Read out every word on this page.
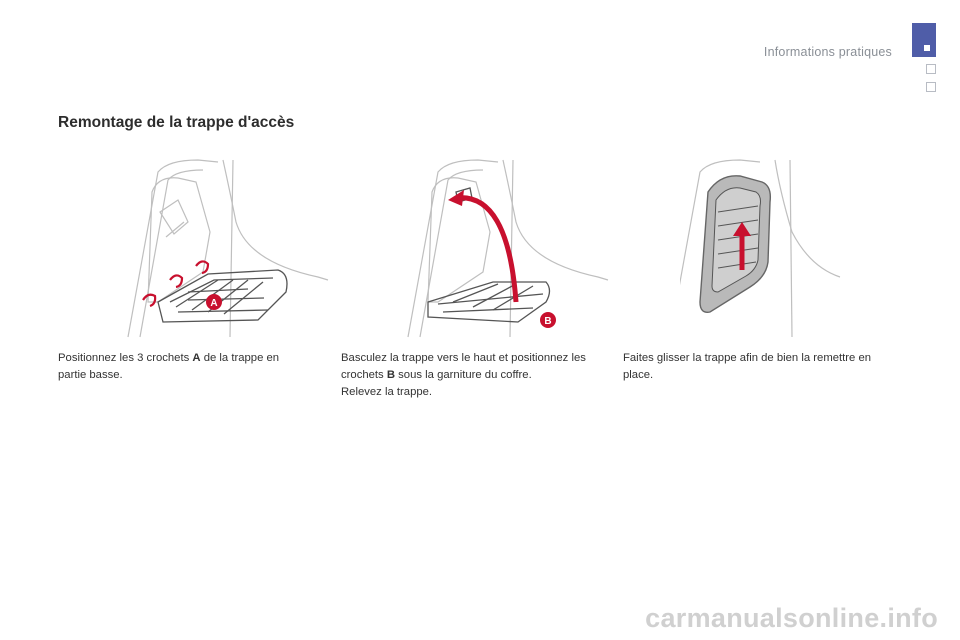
Informations pratiques
Remontage de la trappe d'accès
A
B
Positionnez les 3 crochets A de la trappe en partie basse.
Basculez la trappe vers le haut et positionnez les crochets B sous la garniture du coffre.
Relevez la trappe.
Faites glisser la trappe afin de bien la remettre en place.
carmanualsonline.info
